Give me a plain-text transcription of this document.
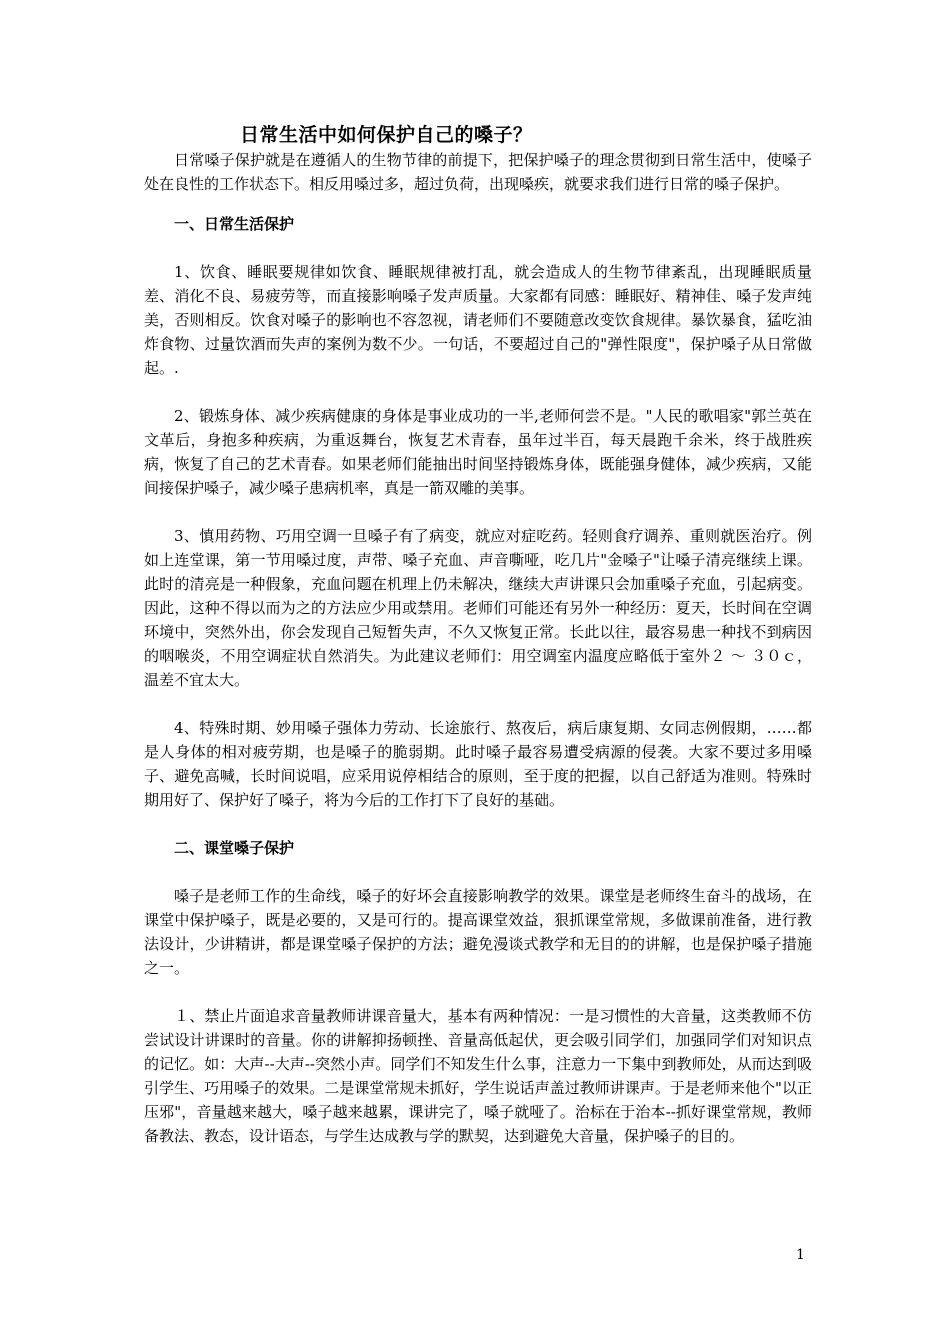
日常生活中如何保护自己的嗓子？

日常嗓子保护就是在遵循人的生物节律的前提下，把保护嗓子的理念贯彻到日常生活中，使嗓子处在良性的工作状态下。相反用嗓过多，超过负荷，出现嗓疾，就要求我们进行日常的嗓子保护。

一、日常生活保护

1、饮食、睡眠要规律如饮食、睡眠规律被打乱，就会造成人的生物节律紊乱，出现睡眠质量差、消化不良、易疲劳等，而直接影响嗓子发声质量。大家都有同感：睡眠好、精神佳、嗓子发声纯美，否则相反。饮食对嗓子的影响也不容忽视，请老师们不要随意改变饮食规律。暴饮暴食，猛吃油炸食物、过量饮酒而失声的案例为数不少。一句话，不要超过自己的"弹性限度"，保护嗓子从日常做起。.

2、锻炼身体、减少疾病健康的身体是事业成功的一半,老师何尝不是。"人民的歌唱家"郭兰英在文革后，身抱多种疾病，为重返舞台，恢复艺术青春，虽年过半百，每天晨跑千余米，终于战胜疾病，恢复了自己的艺术青春。如果老师们能抽出时间坚持锻炼身体，既能强身健体，减少疾病，又能间接保护嗓子，减少嗓子患病机率，真是一箭双雕的美事。

3、慎用药物、巧用空调一旦嗓子有了病变，就应对症吃药。轻则食疗调养、重则就医治疗。例如上连堂课，第一节用嗓过度，声带、嗓子充血、声音嘶哑，吃几片"金嗓子"让嗓子清亮继续上课。此时的清亮是一种假象，充血问题在机理上仍未解决，继续大声讲课只会加重嗓子充血，引起病变。因此，这种不得以而为之的方法应少用或禁用。老师们可能还有另外一种经历：夏天，长时间在空调环境中，突然外出，你会发现自己短暂失声，不久又恢复正常。长此以往，最容易患一种找不到病因的咽喉炎，不用空调症状自然消失。为此建议老师们：用空调室内温度应略低于室外２ ～ ３０ｃ，温差不宜太大。

4、特殊时期、妙用嗓子强体力劳动、长途旅行、熬夜后，病后康复期、女同志例假期，……都是人身体的相对疲劳期，也是嗓子的脆弱期。此时嗓子最容易遭受病源的侵袭。大家不要过多用嗓子、避免高喊，长时间说唱，应采用说停相结合的原则，至于度的把握，以自己舒适为准则。特殊时期用好了、保护好了嗓子，将为今后的工作打下了良好的基础。

二、课堂嗓子保护

嗓子是老师工作的生命线，嗓子的好坏会直接影响教学的效果。课堂是老师终生奋斗的战场，在课堂中保护嗓子，既是必要的，又是可行的。提高课堂效益，狠抓课堂常规，多做课前准备，进行教法设计，少讲精讲，都是课堂嗓子保护的方法；避免漫谈式教学和无目的的讲解，也是保护嗓子措施之一。

１、禁止片面追求音量教师讲课音量大，基本有两种情况：一是习惯性的大音量，这类教师不仿尝试设计讲课时的音量。你的讲解抑扬顿挫、音量高低起伏，更会吸引同学们，加强同学们对知识点的记忆。如：大声--大声--突然小声。同学们不知发生什么事，注意力一下集中到教师处，从而达到吸引学生、巧用嗓子的效果。二是课堂常规未抓好，学生说话声盖过教师讲课声。于是老师来他个"以正压邪"，音量越来越大，嗓子越来越累，课讲完了，嗓子就哑了。治标在于治本--抓好课堂常规，教师备教法、教态，设计语态，与学生达成教与学的默契，达到避免大音量，保护嗓子的目的。

1
